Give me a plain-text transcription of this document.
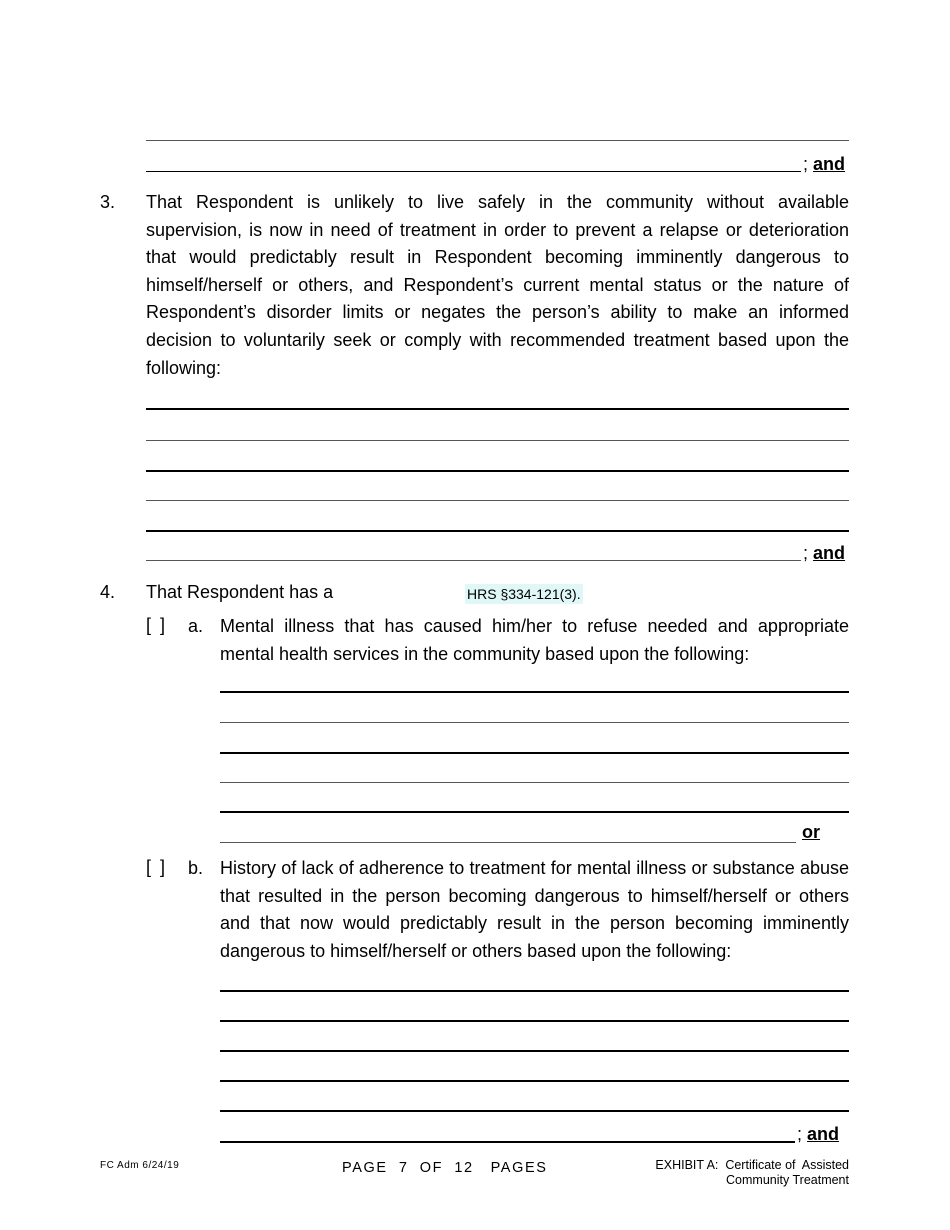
; and
3. That Respondent is unlikely to live safely in the community without available supervision, is now in need of treatment in order to prevent a relapse or deterioration that would predictably result in Respondent becoming imminently dangerous to himself/herself or others, and Respondent’s current mental status or the nature of Respondent’s disorder limits or negates the person’s ability to make an informed decision to voluntarily seek or comply with recommended treatment based upon the following:
; and
4. That Respondent has a	HRS §334-121(3).
[ ] a. Mental illness that has caused him/her to refuse needed and appropriate mental health services in the community based upon the following:
or
[ ] b. History of lack of adherence to treatment for mental illness or substance abuse that resulted in the person becoming dangerous to himself/herself or others and that now would predictably result in the person becoming imminently dangerous to himself/herself or others based upon the following:
; and
FC Adm 6/24/19	PAGE  7  OF  12   PAGES	EXHIBIT A:  Certificate of  Assisted
Community Treatment
